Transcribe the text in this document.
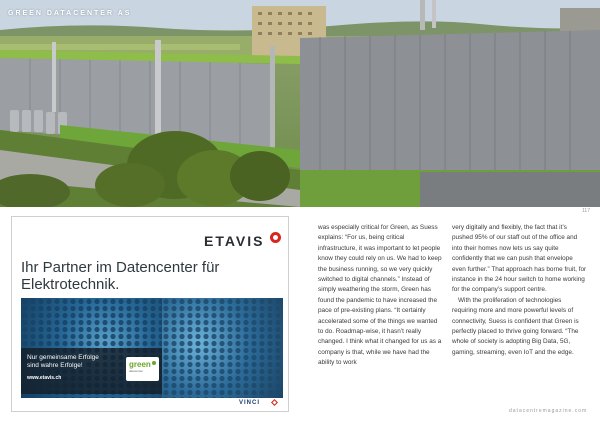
GREEN DATACENTER AS
117
ETAVIS
Ihr Partner im Datencenter für Elektrotechnik.
Nur gemeinsame Erfolge
sind wahre Erfolge!
www.etavis.ch
green
datacenter
VINCI

was especially critical for Green, as Suess explains: “For us, being critical infrastructure, it was important to let people know they could rely on us. We had to keep the business running, so we very quickly switched to digital channels.” Instead of simply weathering the storm, Green has found the pandemic to have increased the pace of pre-existing plans. “It certainly accelerated some of the things we wanted to do. Roadmap-wise, it hasn’t really changed. I think what it changed for us as a company is that, while we have had the ability to work

very digitally and flexibly, the fact that it’s pushed 95% of our staff out of the office and into their homes now lets us say quite confidently that we can push that envelope even further.” That approach has borne fruit, for instance in the 24 hour switch to home working for the company’s support centre.

With the proliferation of technologies requiring more and more powerful levels of connectivity, Suess is confident that Green is perfectly placed to thrive going forward. “The whole of society is adopting Big Data, 5G, gaming, streaming, even IoT and the edge.

datacentremagazine.com
